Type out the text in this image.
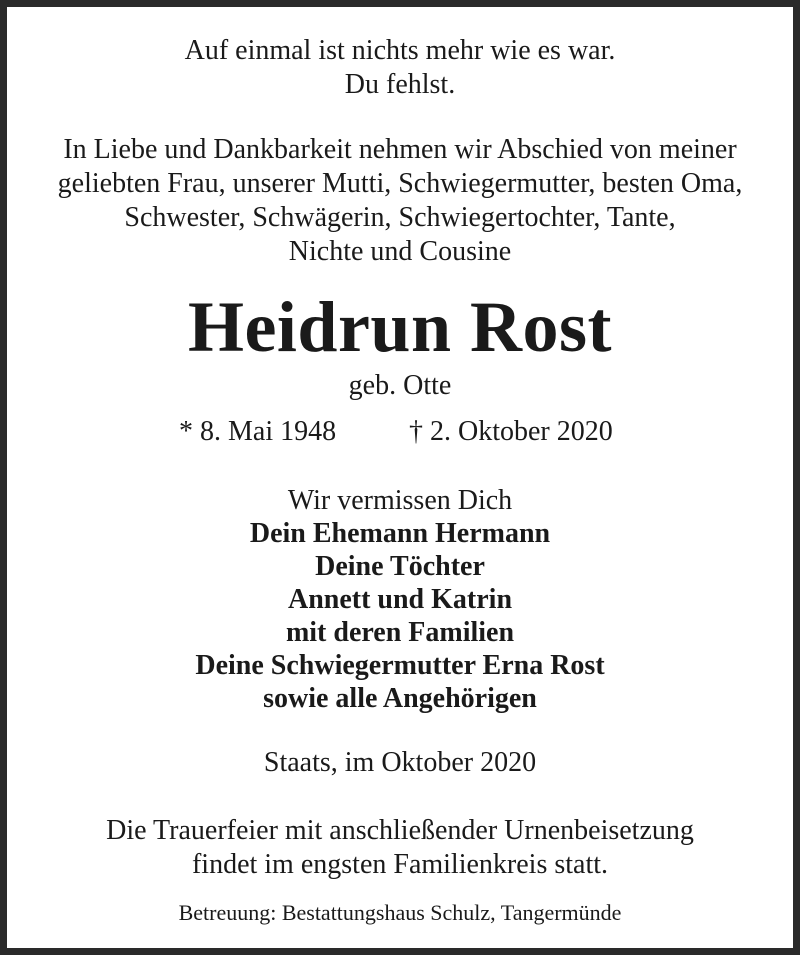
Auf einmal ist nichts mehr wie es war.
Du fehlst.
In Liebe und Dankbarkeit nehmen wir Abschied von meiner
geliebten Frau, unserer Mutti, Schwiegermutter, besten Oma,
Schwester, Schwägerin, Schwiegertochter, Tante,
Nichte und Cousine
Heidrun Rost
geb. Otte
* 8. Mai 1948	† 2. Oktober 2020
Wir vermissen Dich
Dein Ehemann Hermann
Deine Töchter
Annett und Katrin
mit deren Familien
Deine Schwiegermutter Erna Rost
sowie alle Angehörigen
Staats, im Oktober 2020
Die Trauerfeier mit anschließender Urnenbeisetzung
findet im engsten Familienkreis statt.
Betreuung: Bestattungshaus Schulz, Tangermünde
